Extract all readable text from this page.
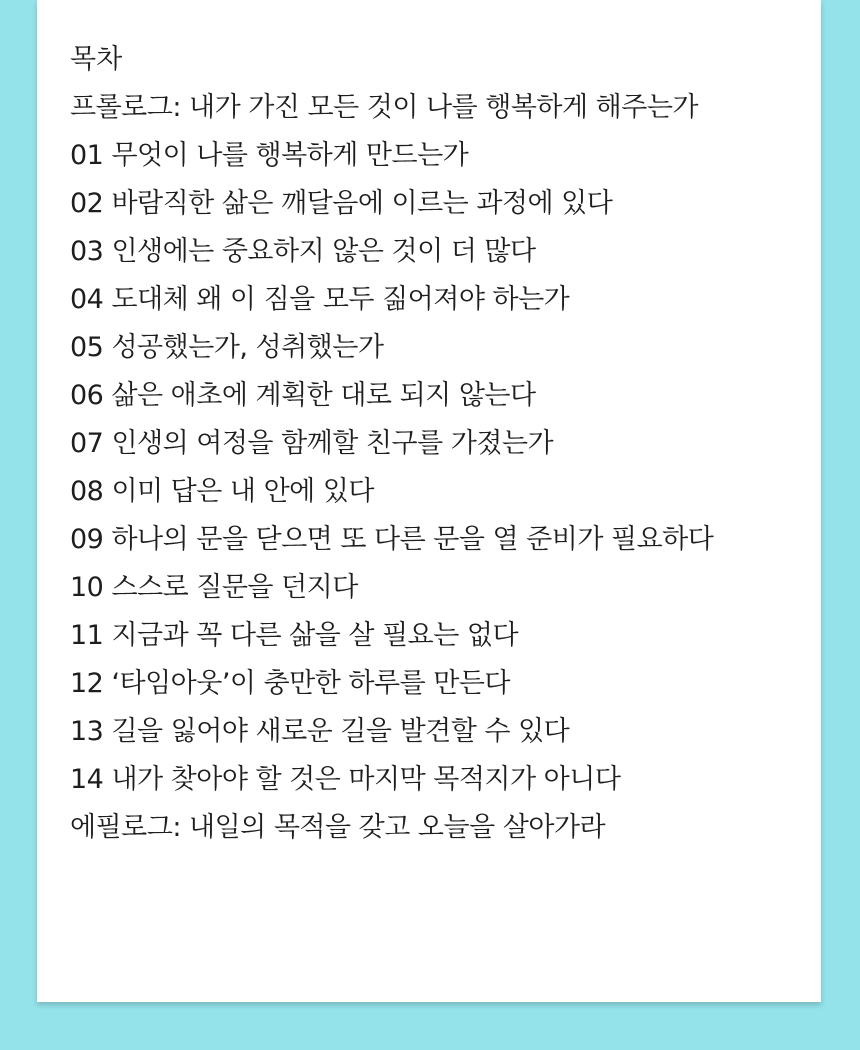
목차
프롤로그: 내가 가진 모든 것이 나를 행복하게 해주는가
01 무엇이 나를 행복하게 만드는가
02 바람직한 삶은 깨달음에 이르는 과정에 있다
03 인생에는 중요하지 않은 것이 더 많다
04 도대체 왜 이 짐을 모두 짊어져야 하는가
05 성공했는가, 성취했는가
06 삶은 애초에 계획한 대로 되지 않는다
07 인생의 여정을 함께할 친구를 가졌는가
08 이미 답은 내 안에 있다
09 하나의 문을 닫으면 또 다른 문을 열 준비가 필요하다
10 스스로 질문을 던지다
11 지금과 꼭 다른 삶을 살 필요는 없다
12 ‘타임아웃’이 충만한 하루를 만든다
13 길을 잃어야 새로운 길을 발견할 수 있다
14 내가 찾아야 할 것은 마지막 목적지가 아니다
에필로그: 내일의 목적을 갖고 오늘을 살아가라
